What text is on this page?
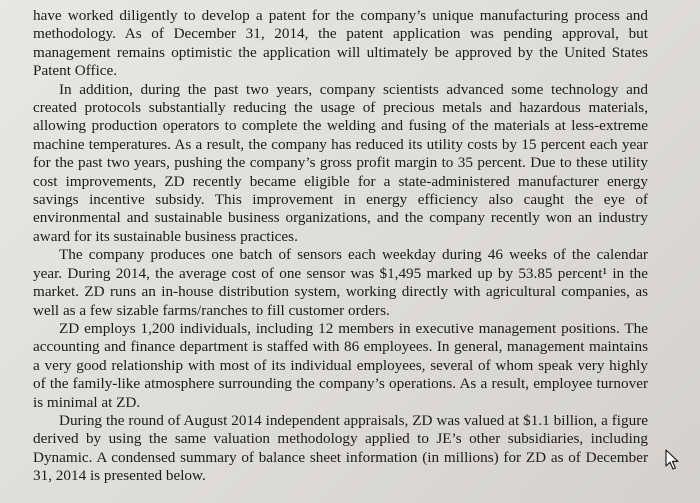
have worked diligently to develop a patent for the company’s unique manufacturing process and methodology. As of December 31, 2014, the patent application was pending approval, but management remains optimistic the application will ultimately be approved by the United States Patent Office.

In addition, during the past two years, company scientists advanced some technology and created protocols substantially reducing the usage of precious metals and hazardous materials, allowing production operators to complete the welding and fusing of the materials at less-extreme machine temperatures. As a result, the company has reduced its utility costs by 15 percent each year for the past two years, pushing the company’s gross profit margin to 35 percent. Due to these utility cost improvements, ZD recently became eligible for a state-administered manufacturer energy savings incentive subsidy. This improvement in energy efficiency also caught the eye of environmental and sustainable business organizations, and the company recently won an industry award for its sustainable business practices.

The company produces one batch of sensors each weekday during 46 weeks of the calendar year. During 2014, the average cost of one sensor was $1,495 marked up by 53.85 percent¹ in the market. ZD runs an in-house distribution system, working directly with agricultural companies, as well as a few sizable farms/ranches to fill customer orders.

ZD employs 1,200 individuals, including 12 members in executive management positions. The accounting and finance department is staffed with 86 employees. In general, management maintains a very good relationship with most of its individual employees, several of whom speak very highly of the family-like atmosphere surrounding the company’s operations. As a result, employee turnover is minimal at ZD.

During the round of August 2014 independent appraisals, ZD was valued at $1.1 billion, a figure derived by using the same valuation methodology applied to JE’s other subsidiaries, including Dynamic. A condensed summary of balance sheet information (in millions) for ZD as of December 31, 2014 is presented below.
